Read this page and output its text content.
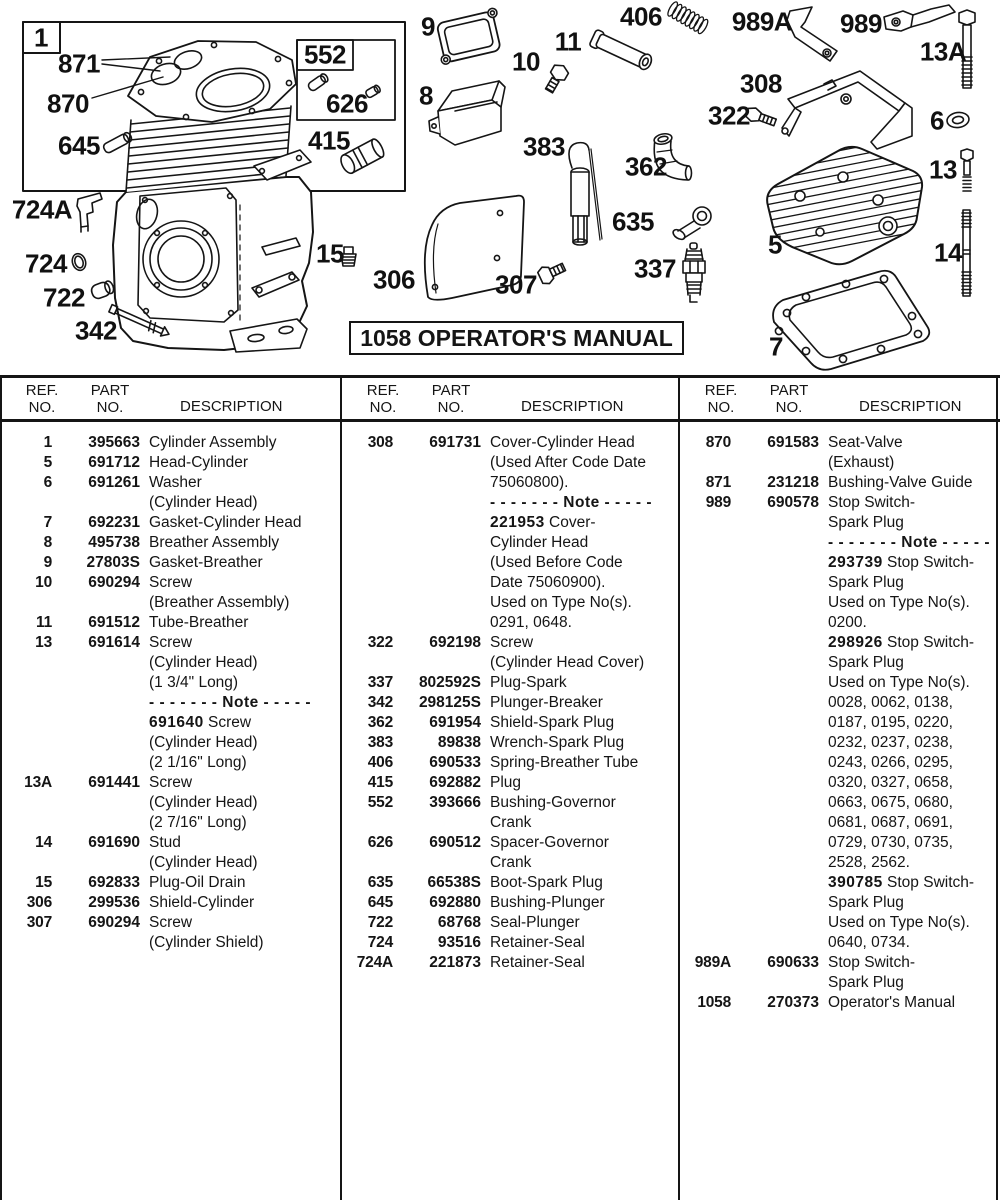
1058 OPERATOR'S MANUAL
1
871
870
645
724A
724
722
342
552
626
415
15
306	307
9
8
10
11
406
383
362
635
337
989A 989
308
322	6
13A
13
14
5
7
REF.
NO.
PART
NO.	DESCRIPTION
REF.
NO.
PART
NO.	DESCRIPTION
REF.
NO.
PART
NO.	DESCRIPTION
1	395663 Cylinder Assembly
5	691712 Head-Cylinder
6	691261 Washer
(Cylinder Head)
7	692231 Gasket-Cylinder Head
8	495738 Breather Assembly
9	27803S Gasket-Breather
10	690294 Screw
(Breather Assembly)
11	691512 Tube-Breather
13	691614 Screw
(Cylinder Head)
(1 3/4" Long)
- - - - - - - Note - - - - -
691640 Screw
(Cylinder Head)
(2 1/16" Long)
13A	691441 Screw
(Cylinder Head)
(2 7/16" Long)
14	691690 Stud
(Cylinder Head)
15	692833 Plug-Oil Drain
306	299536 Shield-Cylinder
307	690294 Screw
(Cylinder Shield)
308	691731 Cover-Cylinder Head
(Used After Code Date
75060800).
- - - - - - - Note - - - - -
221953 Cover-
Cylinder Head
(Used Before Code
Date 75060900).
Used on Type No(s).
0291, 0648.
322	692198 Screw
(Cylinder Head Cover)
337	802592S Plug-Spark
342	298125S Plunger-Breaker
362	691954 Shield-Spark Plug
383	89838 Wrench-Spark Plug
406	690533 Spring-Breather Tube
415	692882 Plug
552	393666 Bushing-Governor
Crank
626	690512 Spacer-Governor
Crank
635	66538S Boot-Spark Plug
645	692880 Bushing-Plunger
722	68768 Seal-Plunger
724	93516 Retainer-Seal
724A	221873 Retainer-Seal
870	691583 Seat-Valve
(Exhaust)
871	231218 Bushing-Valve Guide
989	690578 Stop Switch-
Spark Plug
- - - - - - - Note - - - - -
293739 Stop Switch-
Spark Plug
Used on Type No(s).
0200.
298926 Stop Switch-
Spark Plug
Used on Type No(s).
0028, 0062, 0138,
0187, 0195, 0220,
0232, 0237, 0238,
0243, 0266, 0295,
0320, 0327, 0658,
0663, 0675, 0680,
0681, 0687, 0691,
0729, 0730, 0735,
2528, 2562.
390785 Stop Switch-
Spark Plug
Used on Type No(s).
0640, 0734.
989A	690633 Stop Switch-
Spark Plug
1058	270373 Operator's Manual
